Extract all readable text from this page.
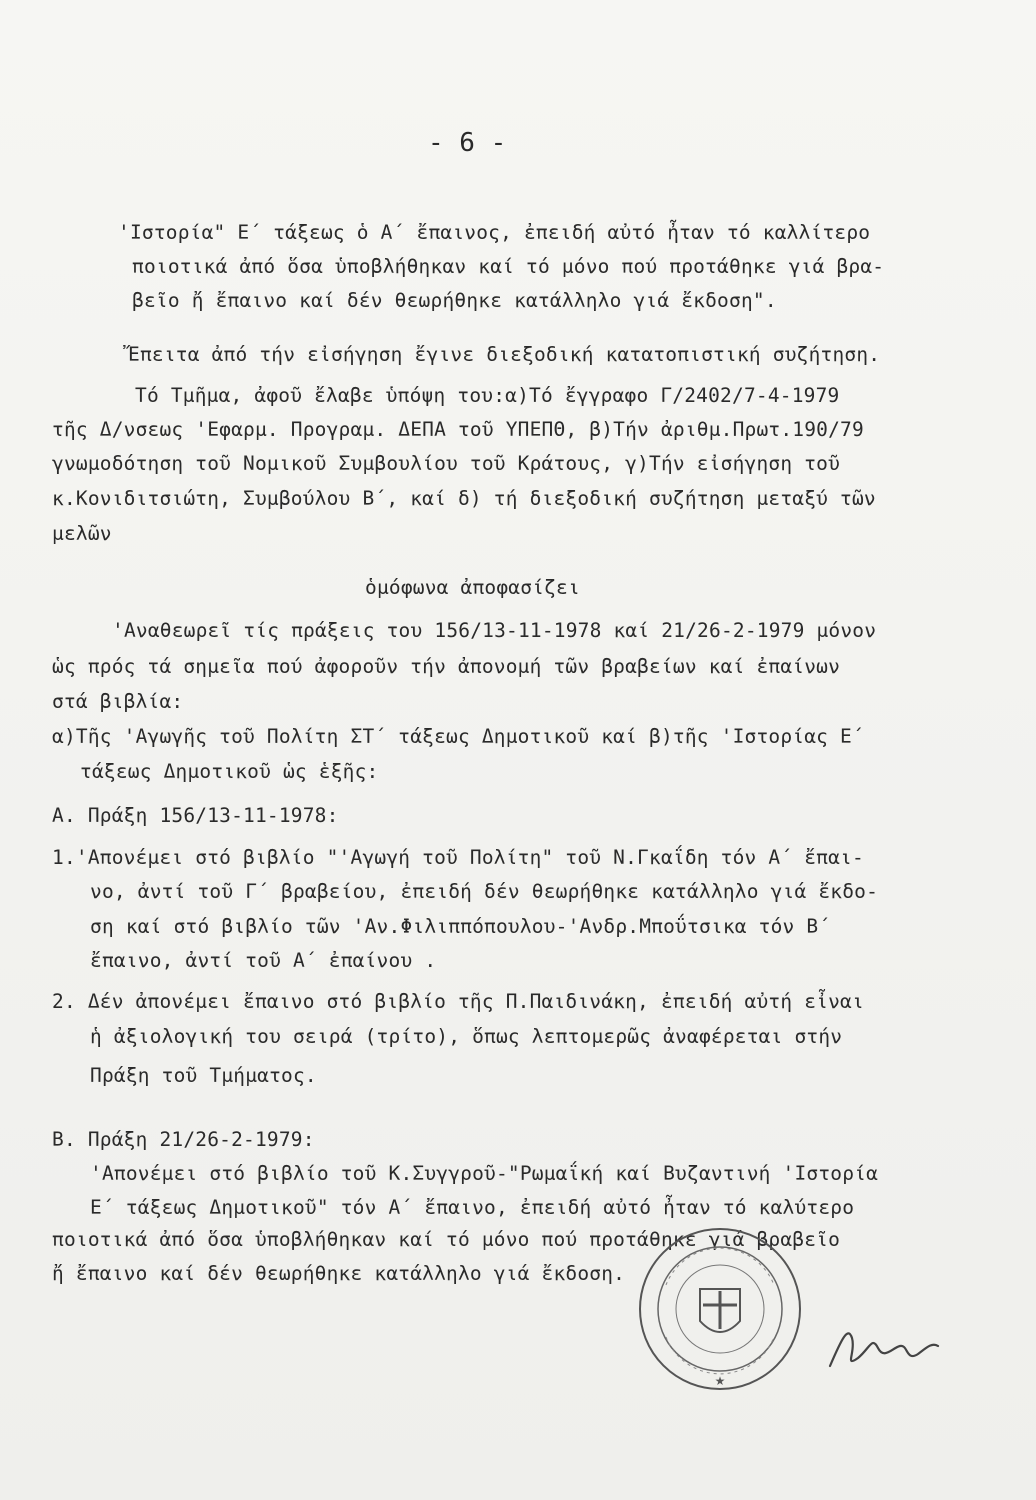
- 6 -
'Ιστορία" Ε΄ τάξεως ὁ Α΄ ἔπαινος, ἐπειδή αὐτό ἦταν τό καλλίτερο
ποιοτικά ἀπό ὅσα ὑποβλήθηκαν καί τό μόνο πού προτάθηκε γιά βρα-
βεῖο ἤ ἔπαινο καί δέν θεωρήθηκε κατάλληλο γιά ἔκδοση".
Ἔπειτα ἀπό τήν εἰσήγηση ἔγινε διεξοδική κατατοπιστική συζήτηση.
Τό Τμῆμα, ἀφοῦ ἔλαβε ὑπόψη του:α)Τό ἔγγραφο Γ/2402/7-4-1979
τῆς Δ/νσεως 'Εφαρμ. Προγραμ. ΔΕΠΑ τοῦ ΥΠΕΠΘ, β)Τήν ἀριθμ.Πρωτ.190/79
γνωμοδότηση τοῦ Νομικοῦ Συμβουλίου τοῦ Κράτους, γ)Τήν εἰσήγηση τοῦ
κ.Κονιδιτσιώτη, Συμβούλου Β΄, καί δ) τή διεξοδική συζήτηση μεταξύ τῶν
μελῶν
ὁμόφωνα ἀποφασίζει
'Αναθεωρεῖ τίς πράξεις του 156/13-11-1978 καί 21/26-2-1979 μόνον
ὡς πρός τά σημεῖα πού ἀφοροῦν τήν ἀπονομή τῶν βραβείων καί ἐπαίνων
στά βιβλία:
α)Τῆς 'Αγωγῆς τοῦ Πολίτη ΣΤ΄ τάξεως Δημοτικοῦ καί β)τῆς 'Ιστορίας Ε΄
τάξεως Δημοτικοῦ ὡς ἑξῆς:
Α. Πράξη 156/13-11-1978:
1.'Απονέμει στό βιβλίο "'Αγωγή τοῦ Πολίτη" τοῦ Ν.Γκαΐδη τόν Α΄ ἔπαι-
νο, ἀντί τοῦ Γ΄ βραβείου, ἐπειδή δέν θεωρήθηκε κατάλληλο γιά ἔκδο-
ση καί στό βιβλίο τῶν 'Αν.Φιλιππόπουλου-'Ανδρ.Μποΰτσικα τόν Β΄
ἔπαινο, ἀντί τοῦ Α΄ ἐπαίνου .
2. Δέν ἀπονέμει ἔπαινο στό βιβλίο τῆς Π.Παιδινάκη, ἐπειδή αὐτή εἶναι
ἡ ἀξιολογική του σειρά (τρίτο), ὅπως λεπτομερῶς ἀναφέρεται στήν
Πράξη τοῦ Τμήματος.
Β. Πράξη 21/26-2-1979:
'Απονέμει στό βιβλίο τοῦ Κ.Συγγροῦ-"Ρωμαΐκή καί Βυζαντινή 'Ιστορία
Ε΄ τάξεως Δημοτικοῦ" τόν Α΄ ἔπαινο, ἐπειδή αὐτό ἦταν τό καλύτερο
ποιοτικά ἀπό ὅσα ὑποβλήθηκαν καί τό μόνο πού προτάθηκε γιά βραβεῖο
ἤ ἔπαινο καί δέν θεωρήθηκε κατάλληλο γιά ἔκδοση.
★
